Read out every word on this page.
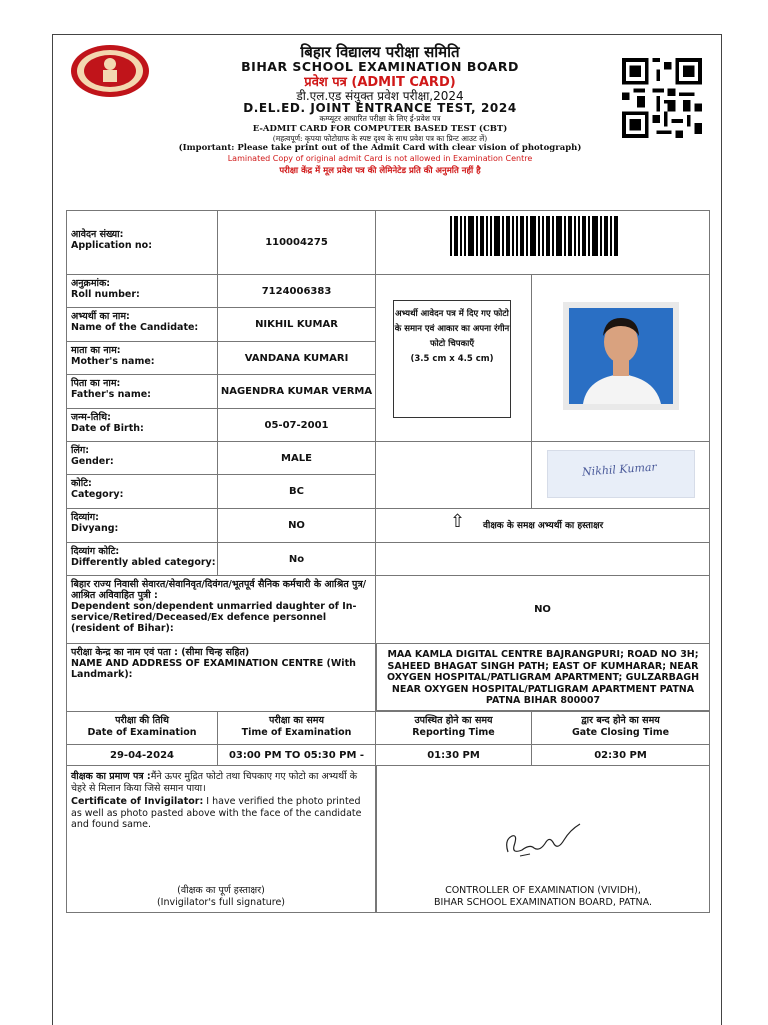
बिहार विद्यालय परीक्षा समिति
BIHAR SCHOOL EXAMINATION BOARD
प्रवेश पत्र (ADMIT CARD)
डी.एल.एड संयुक्त प्रवेश परीक्षा,2024
D.EL.ED. JOINT ENTRANCE TEST, 2024
कम्प्यूटर आधारित परीक्षा के लिए ई-प्रवेश पत्र
E-ADMIT CARD FOR COMPUTER BASED TEST (CBT)
(महत्वपूर्ण: कृपया फोटोग्राफ के स्पष्ट दृश्य के साथ प्रवेश पत्र का प्रिन्ट आउट लें)
(Important: Please take print out of the Admit Card with clear vision of photograph)
Laminated Copy of original admit Card is not allowed in Examination Centre
परीक्षा केंद्र में मूल प्रवेश पत्र की लेमिनेटेड प्रति की अनुमति नहीं है
आवेदन संख्या:
Application no:	110004275
अनुक्रमांक:
Roll number:	7124006383
अभ्यर्थी का नाम:
Name of the Candidate:	NIKHIL KUMAR
माता का नाम:
Mother's name:	VANDANA KUMARI
पिता का नाम:
Father's name:	NAGENDRA KUMAR VERMA
जन्म-तिथि:
Date of Birth:	05-07-2001
लिंग:
Gender:	MALE
कोटि:
Category:	BC
दिव्यांग:
Divyang:	NO
दिव्यांग कोटि:
Differently abled category:	No
अभ्यर्थी आवेदन पत्र में दिए गए फोटो के समान एवं आकार का अपना रंगीन फोटो चिपकाएँ
(3.5 cm x 4.5 cm)
Nikhil Kumar
⇧ वीक्षक के समक्ष अभ्यर्थी का हस्ताक्षर
बिहार राज्य निवासी सेवारत/सेवानिवृत/दिवंगत/भूतपूर्व सैनिक कर्मचारी के आश्रित पुत्र/आश्रित अविवाहित पुत्री :
Dependent son/dependent unmarried daughter of In-service/Retired/Deceased/Ex defence personnel (resident of Bihar):
NO
परीक्षा केन्द्र का नाम एवं पता : (सीमा चिन्ह सहित)
NAME AND ADDRESS OF EXAMINATION CENTRE (With Landmark):
MAA KAMLA DIGITAL CENTRE BAJRANGPURI; ROAD NO 3H; SAHEED BHAGAT SINGH PATH; EAST OF KUMHARAR; NEAR OXYGEN HOSPITAL/PATLIGRAM APARTMENT; GULZARBAGH NEAR OXYGEN HOSPITAL/PATLIGRAM APARTMENT PATNA PATNA BIHAR 800007
परीक्षा की तिथि
Date of Examination
परीक्षा का समय
Time of Examination
उपस्थित होने का समय
Reporting Time
द्वार बन्द होने का समय
Gate Closing Time
29-04-2024	03:00 PM TO 05:30 PM -	01:30 PM	02:30 PM
वीक्षक का प्रमाण पत्र :मैंने ऊपर मुद्रित फोटो तथा चिपकाए गए फोटो का अभ्यर्थी के चेहरे से मिलान किया जिसे समान पाया।
Certificate of Invigilator: I have verified the photo printed as well as photo pasted above with the face of the candidate and found same.
(वीक्षक का पूर्ण हस्ताक्षर)
(Invigilator's full signature)
CONTROLLER OF EXAMINATION (VIVIDH),
BIHAR SCHOOL EXAMINATION BOARD, PATNA.
